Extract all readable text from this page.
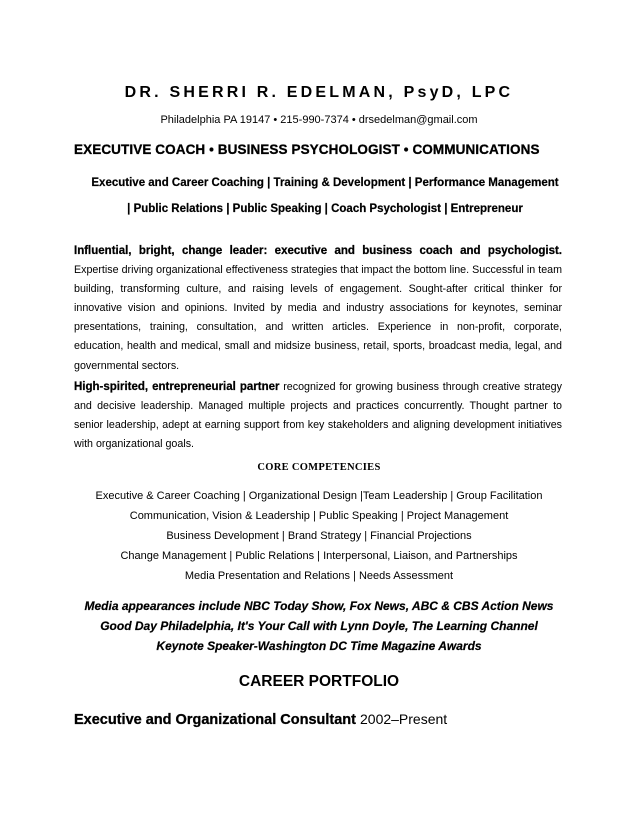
DR. SHERRI R. EDELMAN, PsyD, LPC
Philadelphia PA 19147 • 215-990-7374 • drsedelman@gmail.com
EXECUTIVE COACH • BUSINESS PSYCHOLOGIST • COMMUNICATIONS
Executive and Career Coaching | Training & Development | Performance Management | Public Relations | Public Speaking | Coach Psychologist | Entrepreneur

Influential, bright, change leader: executive and business coach and psychologist. Expertise driving organizational effectiveness strategies that impact the bottom line. Successful in team building, transforming culture, and raising levels of engagement. Sought-after critical thinker for innovative vision and opinions. Invited by media and industry associations for keynotes, seminar presentations, training, consultation, and written articles. Experience in non-profit, corporate, education, health and medical, small and midsize business, retail, sports, broadcast media, legal, and governmental sectors.

High-spirited, entrepreneurial partner recognized for growing business through creative strategy and decisive leadership. Managed multiple projects and practices concurrently. Thought partner to senior leadership, adept at earning support from key stakeholders and aligning development initiatives with organizational goals.

CORE COMPETENCIES
Executive & Career Coaching | Organizational Design |Team Leadership | Group Facilitation
Communication, Vision & Leadership | Public Speaking | Project Management
Business Development | Brand Strategy | Financial Projections
Change Management | Public Relations | Interpersonal, Liaison, and Partnerships
Media Presentation and Relations | Needs Assessment
Media appearances include NBC Today Show, Fox News, ABC & CBS Action News
Good Day Philadelphia, It's Your Call with Lynn Doyle, The Learning Channel
Keynote Speaker-Washington DC Time Magazine Awards
CAREER PORTFOLIO
Executive and Organizational Consultant 2002–Present
